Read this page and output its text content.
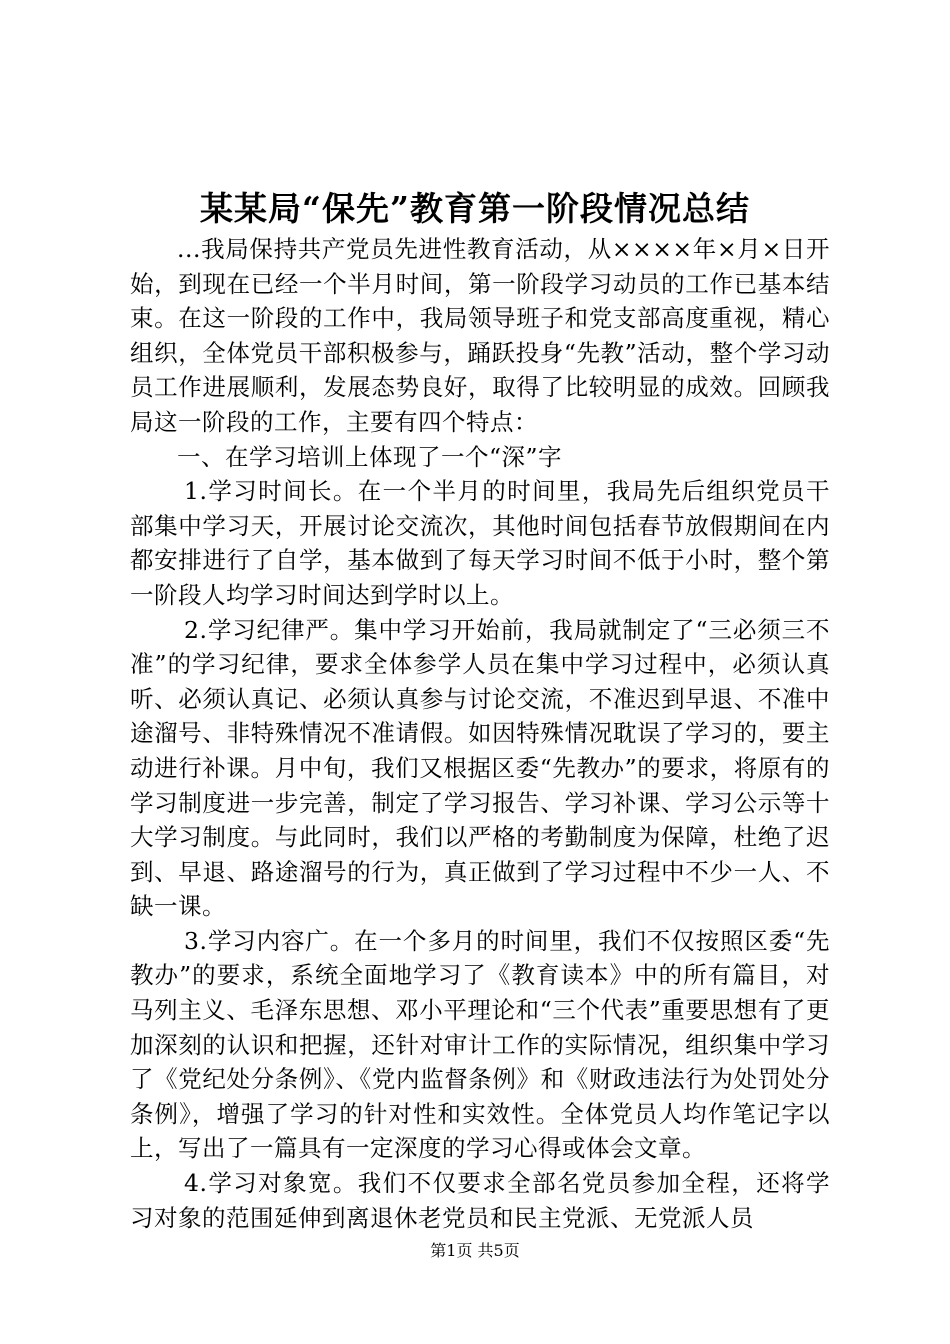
某某局“保先”教育第一阶段情况总结

...我局保持共产党员先进性教育活动，从××××年×月×日开始，到现在已经一个半月时间，第一阶段学习动员的工作已基本结束。在这一阶段的工作中，我局领导班子和党支部高度重视，精心组织，全体党员干部积极参与，踊跃投身“先教”活动，整个学习动员工作进展顺利，发展态势良好，取得了比较明显的成效。回顾我局这一阶段的工作，主要有四个特点：

一、在学习培训上体现了一个“深”字

1.学习时间长。在一个半月的时间里，我局先后组织党员干部集中学习天，开展讨论交流次，其他时间包括春节放假期间在内都安排进行了自学，基本做到了每天学习时间不低于小时，整个第一阶段人均学习时间达到学时以上。

2.学习纪律严。集中学习开始前，我局就制定了“三必须三不准”的学习纪律，要求全体参学人员在集中学习过程中，必须认真听、必须认真记、必须认真参与讨论交流，不准迟到早退、不准中途溜号、非特殊情况不准请假。如因特殊情况耽误了学习的，要主动进行补课。月中旬，我们又根据区委“先教办”的要求，将原有的学习制度进一步完善，制定了学习报告、学习补课、学习公示等十大学习制度。与此同时，我们以严格的考勤制度为保障，杜绝了迟到、早退、路途溜号的行为，真正做到了学习过程中不少一人、不缺一课。

3.学习内容广。在一个多月的时间里，我们不仅按照区委“先教办”的要求，系统全面地学习了《教育读本》中的所有篇目，对马列主义、毛泽东思想、邓小平理论和“三个代表”重要思想有了更加深刻的认识和把握，还针对审计工作的实际情况，组织集中学习了《党纪处分条例》、《党内监督条例》和《财政违法行为处罚处分条例》，增强了学习的针对性和实效性。全体党员人均作笔记字以上，写出了一篇具有一定深度的学习心得或体会文章。

4.学习对象宽。我们不仅要求全部名党员参加全程，还将学习对象的范围延伸到离退休老党员和民主党派、无党派人员

第1页 共5页
